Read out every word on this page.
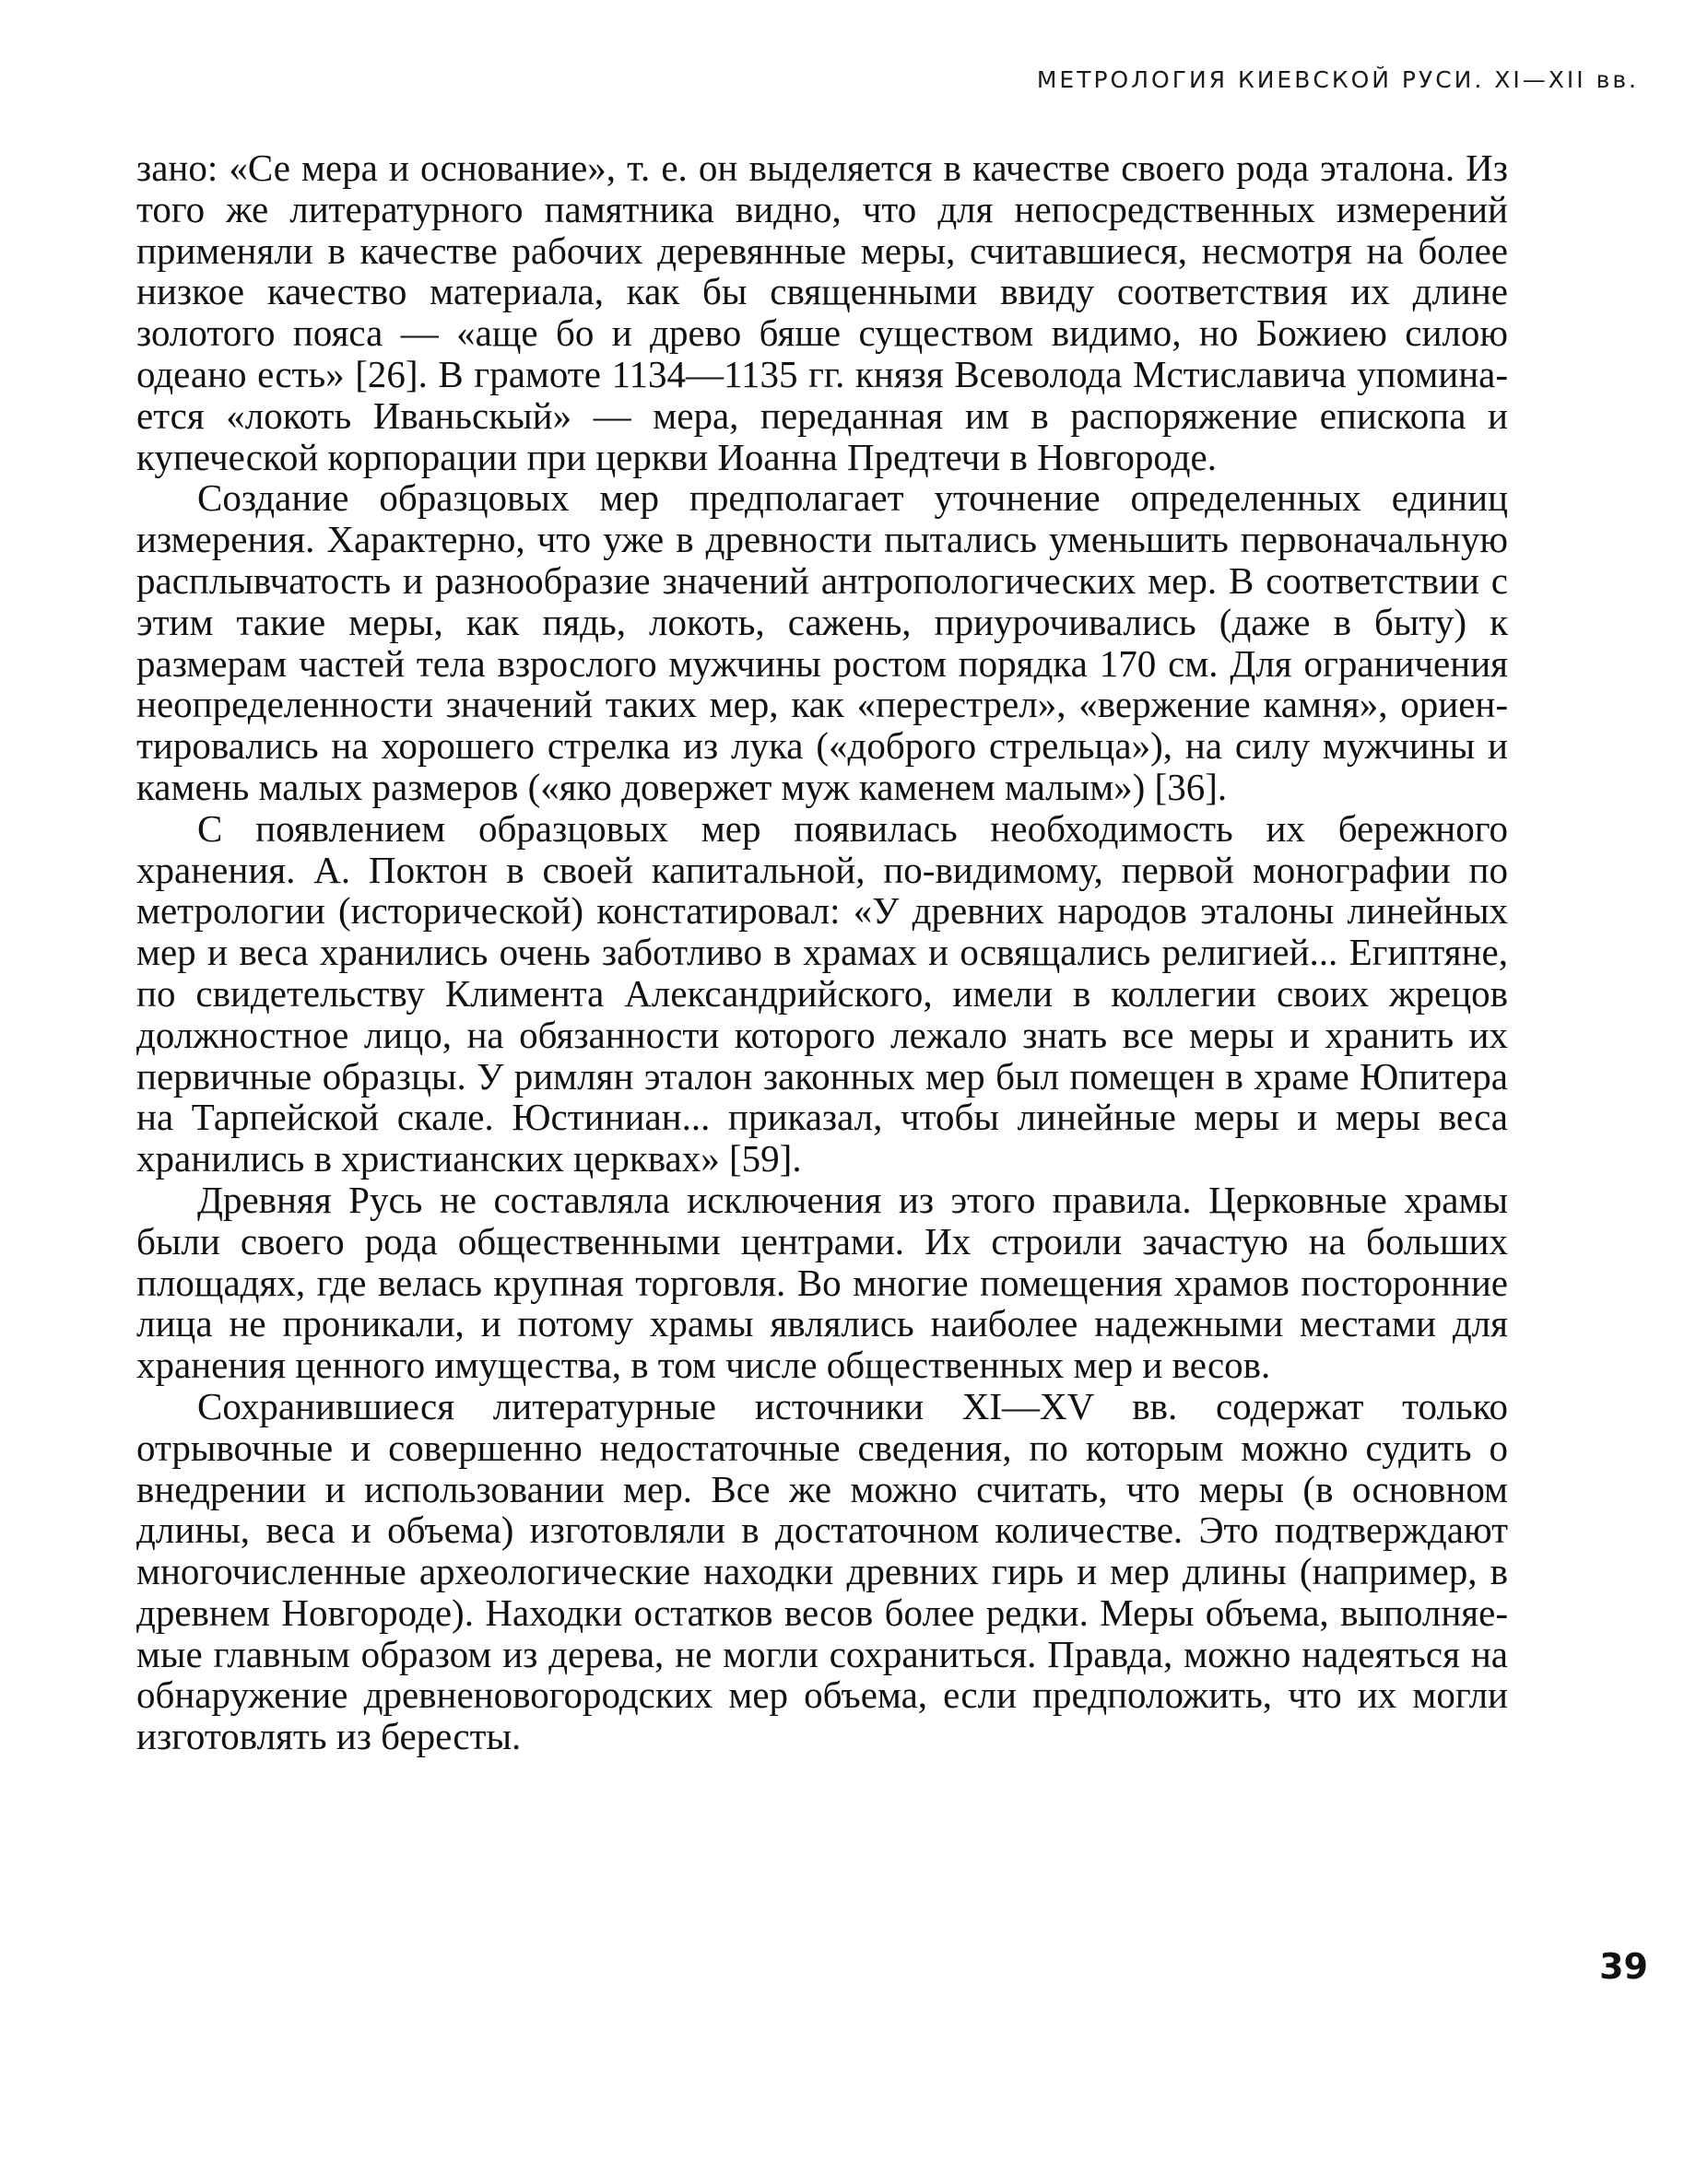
МЕТРОЛОГИЯ КИЕВСКОЙ РУСИ. XI—XII вв.

зано: «Се мера и основание», т. е. он выделяется в качестве своего рода эталона. Из того же литературного памятника видно, что для непосредственных измерений применяли в качестве рабочих деревянные меры, считавшиеся, несмотря на более низкое качество материала, как бы священными ввиду соответствия их длине золотого пояса — «аще бо и древо бяше существом видимо, но Божиею силою одеано есть» [26]. В грамоте 1134—1135 гг. князя Всеволода Мстиславича упоминается «локоть Иваньскый» — мера, переданная им в распоряжение епископа и купеческой корпорации при церкви Иоанна Предтечи в Новгороде.

Создание образцовых мер предполагает уточнение определенных единиц измерения. Характерно, что уже в древности пытались уменьшить первоначальную расплывчатость и разнообразие значений антропологических мер. В соответствии с этим такие меры, как пядь, локоть, сажень, приурочивались (даже в быту) к размерам частей тела взрослого мужчины ростом порядка 170 см. Для ограничения неопределенности значений таких мер, как «перестрел», «вержение камня», ориентировались на хорошего стрелка из лука («доброго стрельца»), на силу мужчины и камень малых размеров («яко довержет муж каменем малым») [36].

С появлением образцовых мер появилась необходимость их бережного хранения. А. Поктон в своей капитальной, по-видимому, первой монографии по метрологии (исторической) констатировал: «У древних народов эталоны линейных мер и веса хранились очень заботливо в храмах и освящались религией... Египтяне, по свидетельству Климента Александрийского, имели в коллегии своих жрецов должностное лицо, на обязанности которого лежало знать все меры и хранить их первичные образцы. У римлян эталон законных мер был помещен в храме Юпитера на Тарпейской скале. Юстиниан... приказал, чтобы линейные меры и меры веса хранились в христианских церквах» [59].

Древняя Русь не составляла исключения из этого правила. Церковные храмы были своего рода общественными центрами. Их строили зачастую на больших площадях, где велась крупная торговля. Во многие помещения храмов посторонние лица не проникали, и потому храмы являлись наиболее надежными местами для хранения ценного имущества, в том числе общественных мер и весов.

Сохранившиеся литературные источники XI—XV вв. содержат только отрывочные и совершенно недостаточные сведения, по которым можно судить о внедрении и использовании мер. Все же можно считать, что меры (в основном длины, веса и объема) изготовляли в достаточном количестве. Это подтверждают многочисленные археологические находки древних гирь и мер длины (например, в древнем Новгороде). Находки остатков весов более редки. Меры объема, выполняемые главным образом из дерева, не могли сохраниться. Правда, можно надеяться на обнаружение древненовогородских мер объема, если предположить, что их могли изготовлять из бересты.

39
